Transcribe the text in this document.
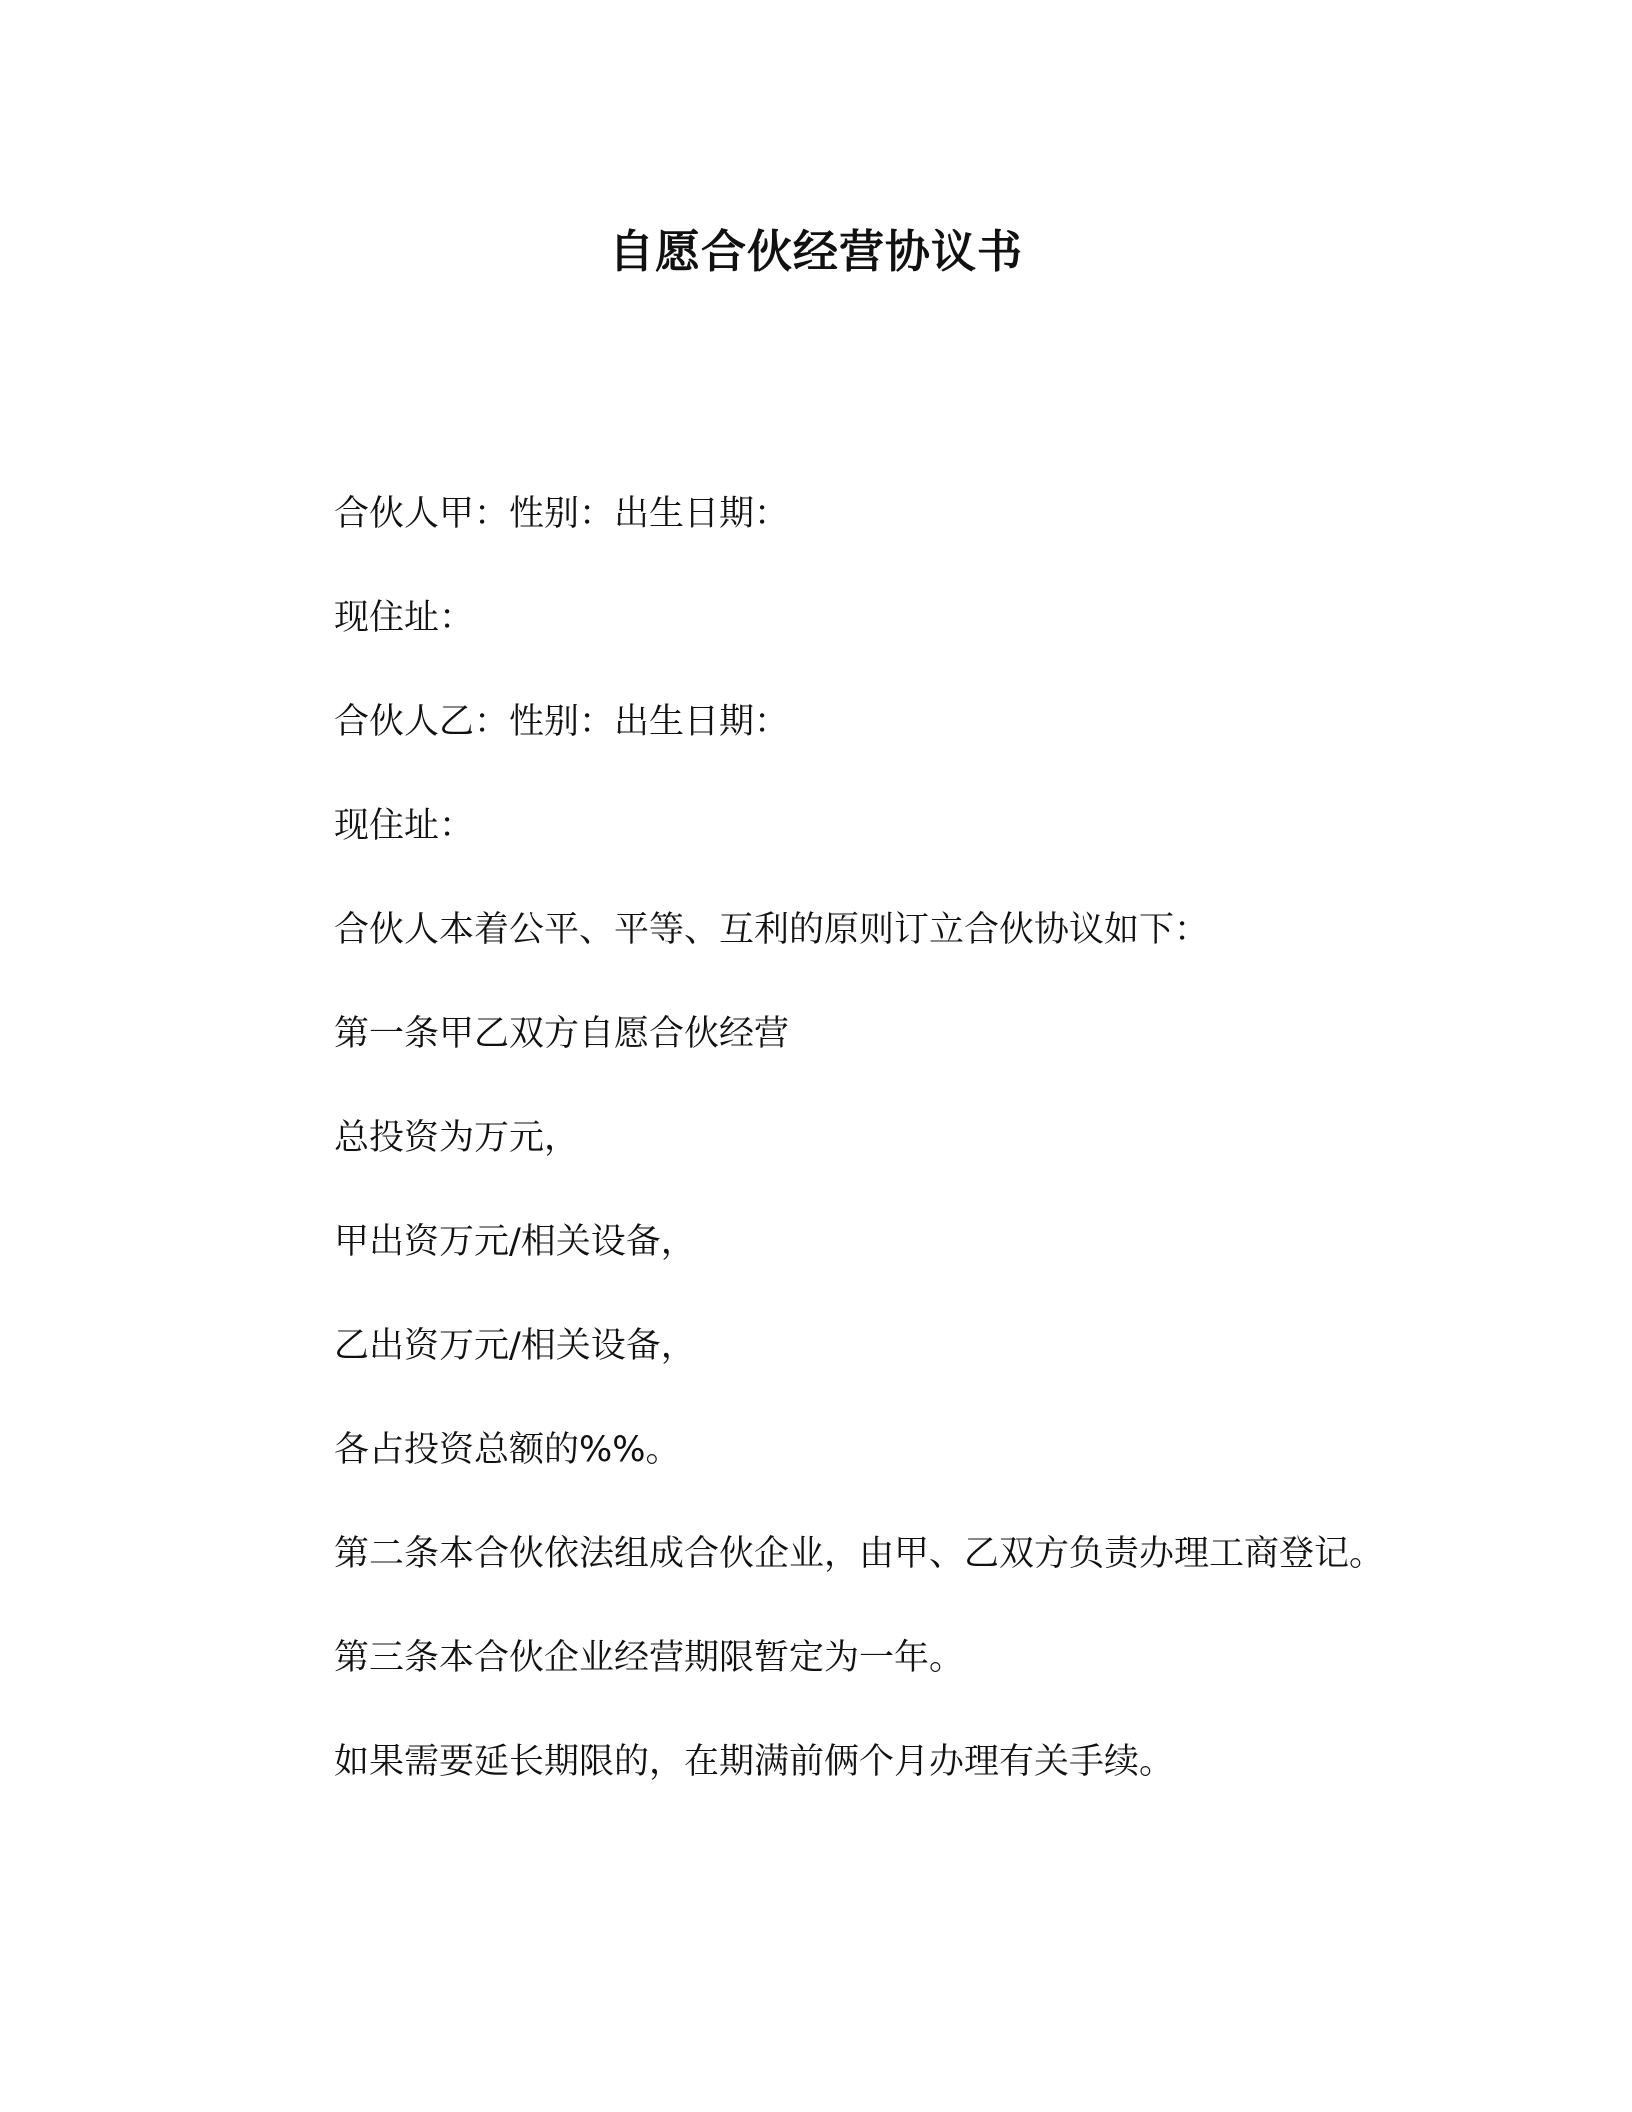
自愿合伙经营协议书

合伙人甲：性别：出生日期：

现住址：

合伙人乙：性别：出生日期：

现住址：

合伙人本着公平、平等、互利的原则订立合伙协议如下：

第一条甲乙双方自愿合伙经营

总投资为万元，

甲出资万元/相关设备，

乙出资万元/相关设备，

各占投资总额的%%。

第二条本合伙依法组成合伙企业，由甲、乙双方负责办理工商登记。

第三条本合伙企业经营期限暂定为一年。

如果需要延长期限的，在期满前俩个月办理有关手续。
